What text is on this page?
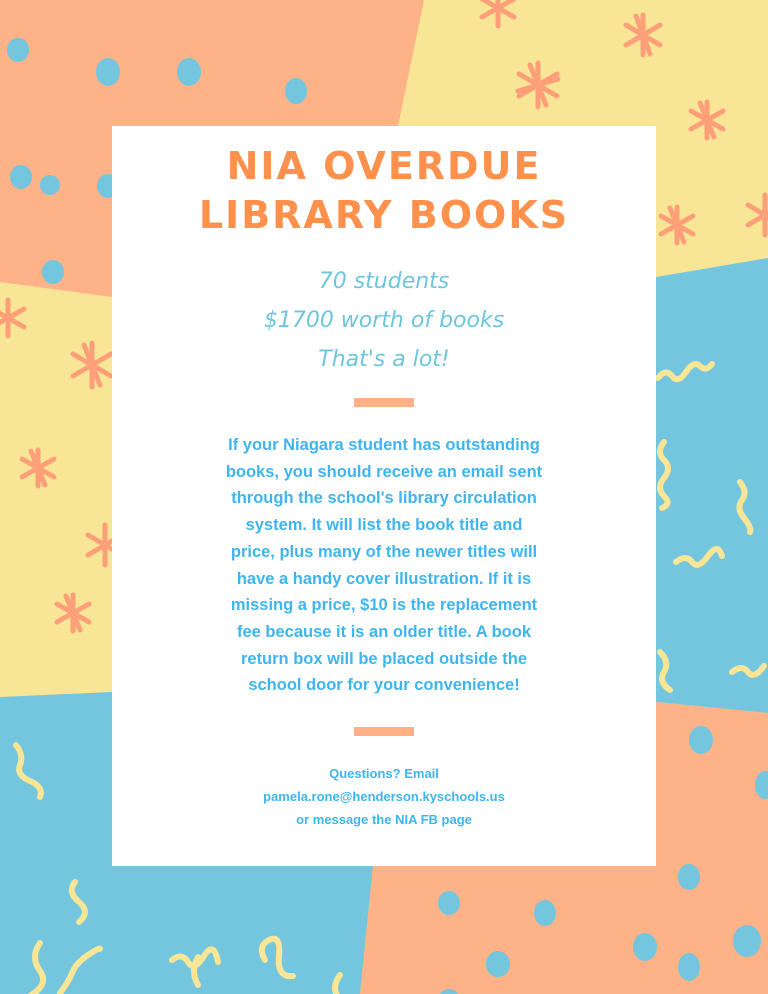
NIA OVERDUE
LIBRARY BOOKS
70 students
$1700 worth of books
That's a lot!
If your Niagara student has outstanding
books, you should receive an email sent
through the school's library circulation
system. It will list the book title and
price, plus many of the newer titles will
have a handy cover illustration. If it is
missing a price, $10 is the replacement
fee because it is an older title. A book
return box will be placed outside the
school door for your convenience!
Questions? Email
pamela.rone@henderson.kyschools.us
or message the NIA FB page
